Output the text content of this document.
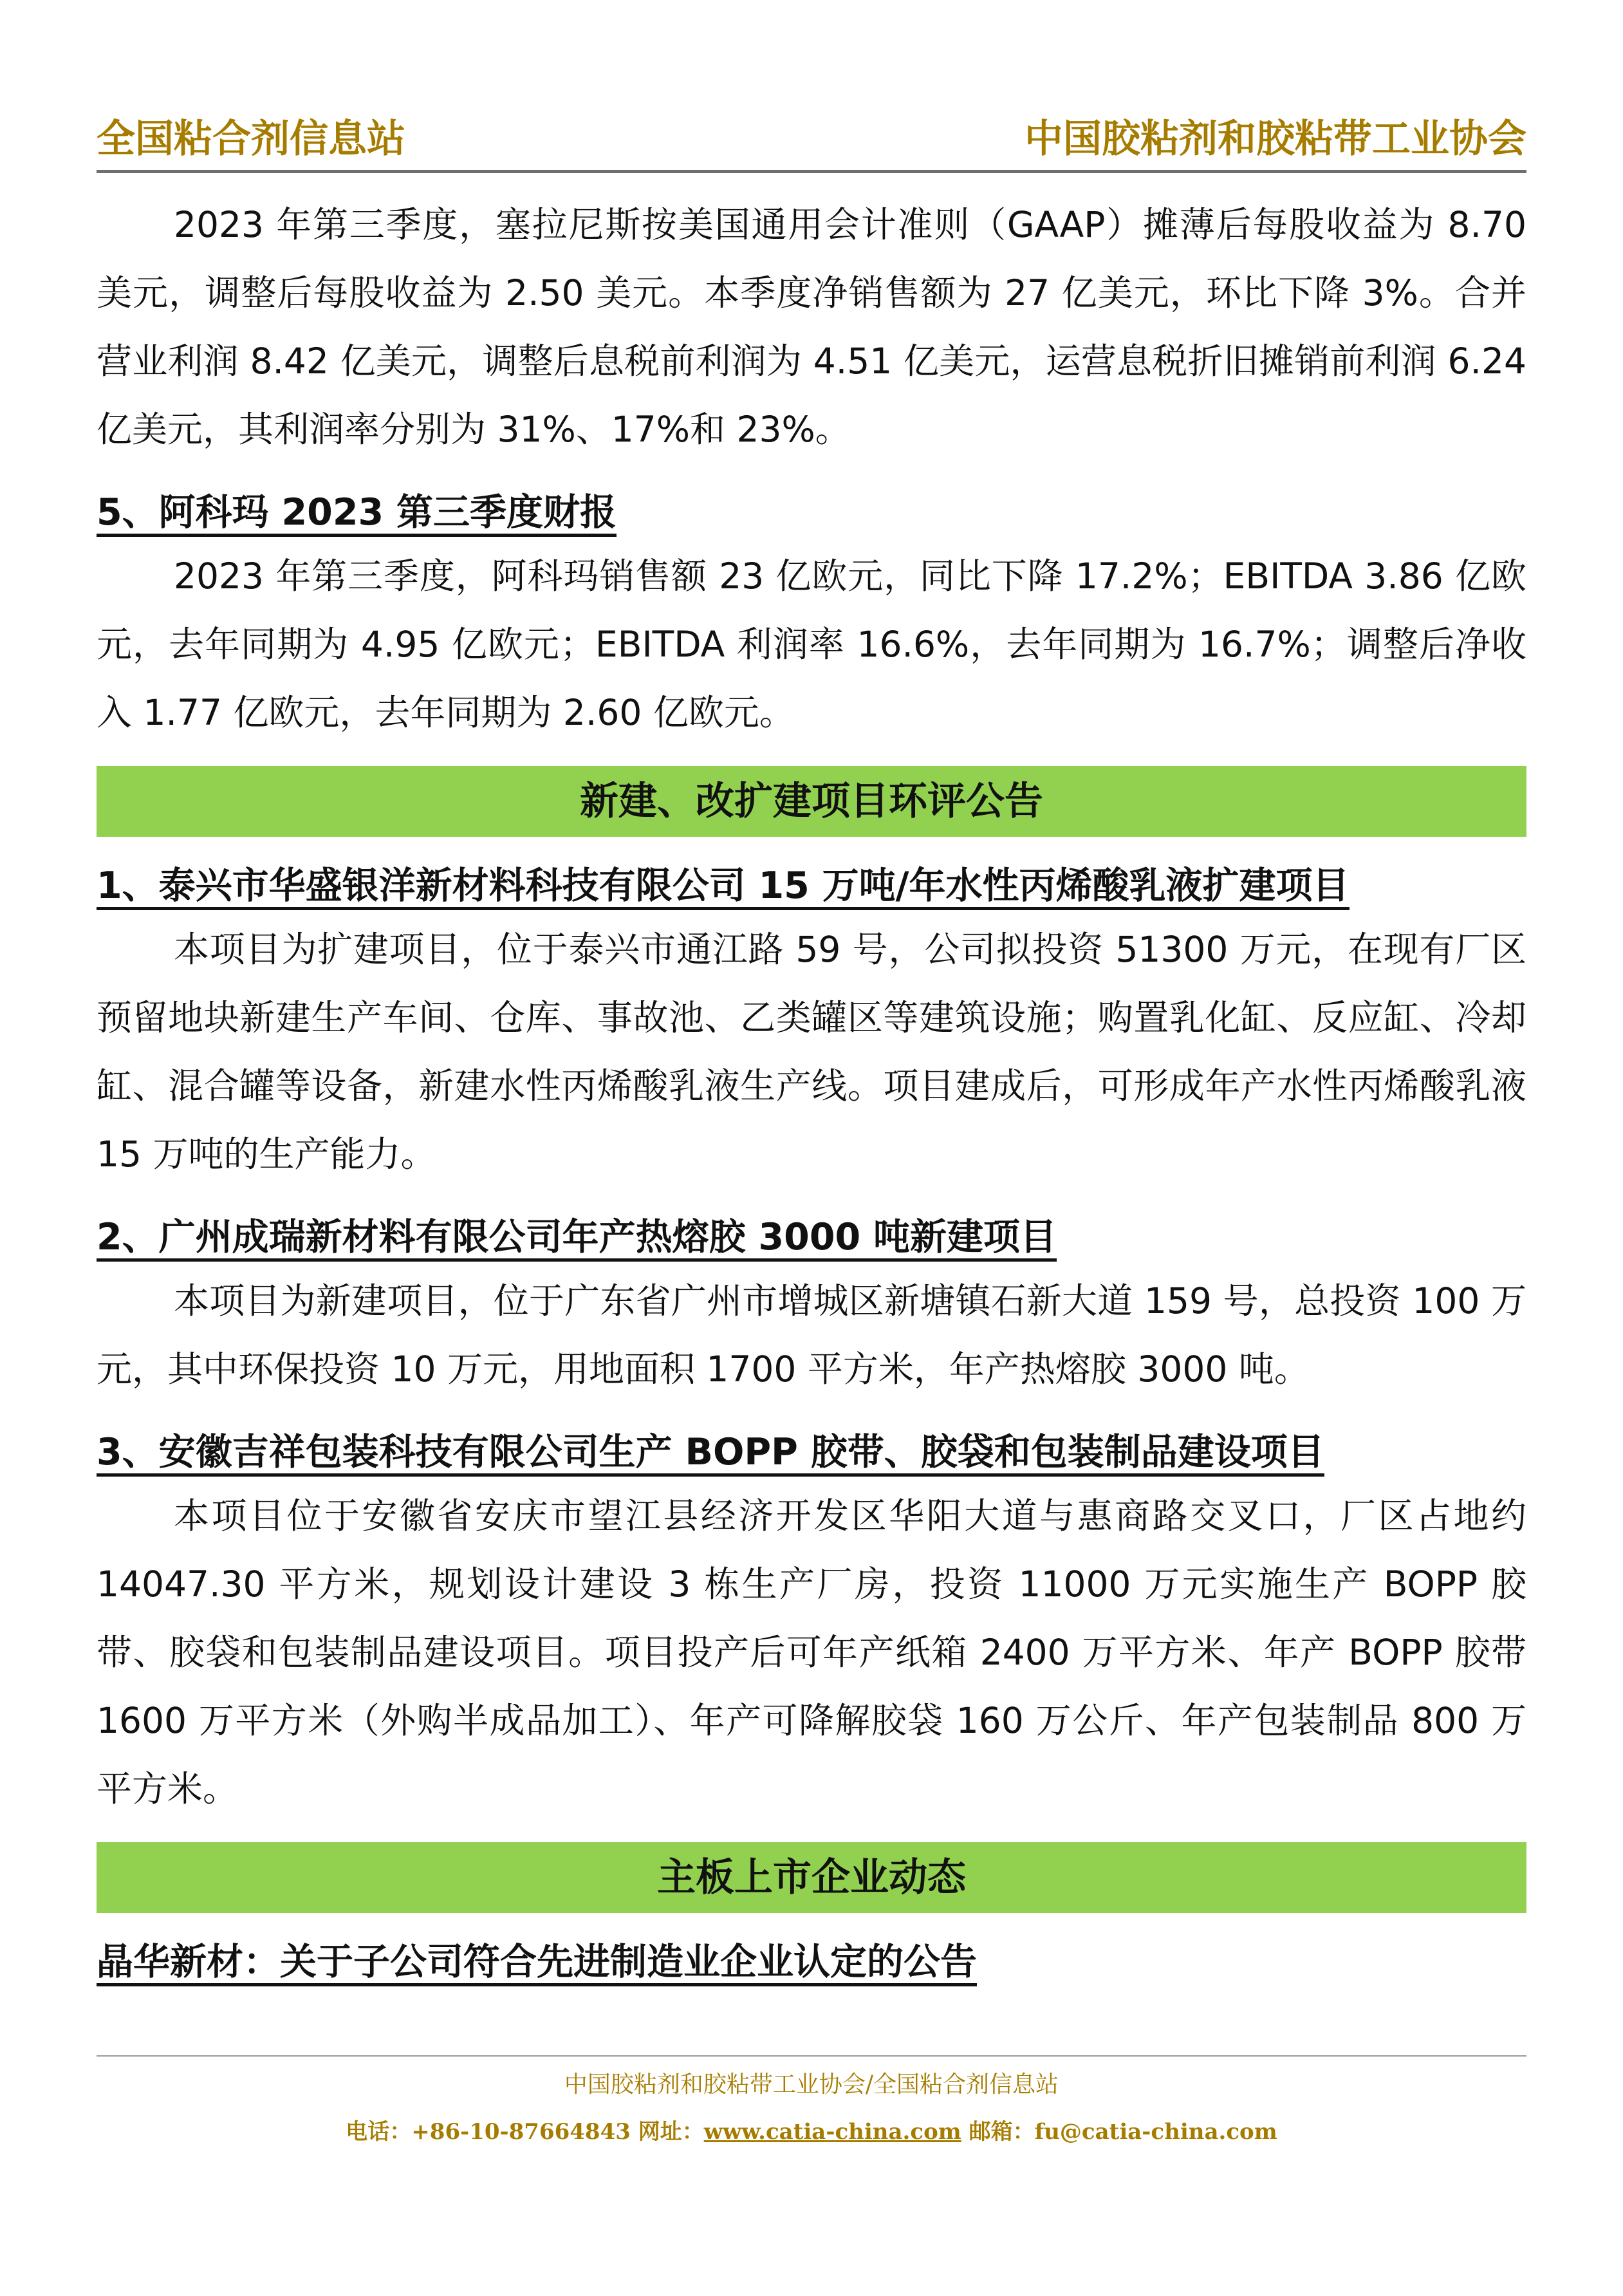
全国粘合剂信息站	中国胶粘剂和胶粘带工业协会

2023 年第三季度，塞拉尼斯按美国通用会计准则（GAAP）摊薄后每股收益为 8.70 美元，调整后每股收益为 2.50 美元。本季度净销售额为 27 亿美元，环比下降 3%。合并营业利润 8.42 亿美元，调整后息税前利润为 4.51 亿美元，运营息税折旧摊销前利润 6.24 亿美元，其利润率分别为 31%、17%和 23%。

5、阿科玛 2023 第三季度财报

2023 年第三季度，阿科玛销售额 23 亿欧元，同比下降 17.2%；EBITDA 3.86 亿欧元，去年同期为 4.95 亿欧元；EBITDA 利润率 16.6%，去年同期为 16.7%；调整后净收入 1.77 亿欧元，去年同期为 2.60 亿欧元。

新建、改扩建项目环评公告
1、泰兴市华盛银洋新材料科技有限公司 15 万吨/年水性丙烯酸乳液扩建项目

本项目为扩建项目，位于泰兴市通江路 59 号，公司拟投资 51300 万元，在现有厂区预留地块新建生产车间、仓库、事故池、乙类罐区等建筑设施；购置乳化缸、反应缸、冷却缸、混合罐等设备，新建水性丙烯酸乳液生产线。项目建成后，可形成年产水性丙烯酸乳液 15 万吨的生产能力。

2、广州成瑞新材料有限公司年产热熔胶 3000 吨新建项目

本项目为新建项目，位于广东省广州市增城区新塘镇石新大道 159 号，总投资 100 万元，其中环保投资 10 万元，用地面积 1700 平方米，年产热熔胶 3000 吨。

3、安徽吉祥包装科技有限公司生产 BOPP 胶带、胶袋和包装制品建设项目

本项目位于安徽省安庆市望江县经济开发区华阳大道与惠商路交叉口，厂区占地约 14047.30 平方米，规划设计建设 3 栋生产厂房，投资 11000 万元实施生产 BOPP 胶带、胶袋和包装制品建设项目。项目投产后可年产纸箱 2400 万平方米、年产 BOPP 胶带 1600 万平方米（外购半成品加工）、年产可降解胶袋 160 万公斤、年产包装制品 800 万平方米。

主板上市企业动态
晶华新材：关于子公司符合先进制造业企业认定的公告
中国胶粘剂和胶粘带工业协会/全国粘合剂信息站
电话：+86-10-87664843 网址：www.catia-china.com 邮箱：fu@catia-china.com
